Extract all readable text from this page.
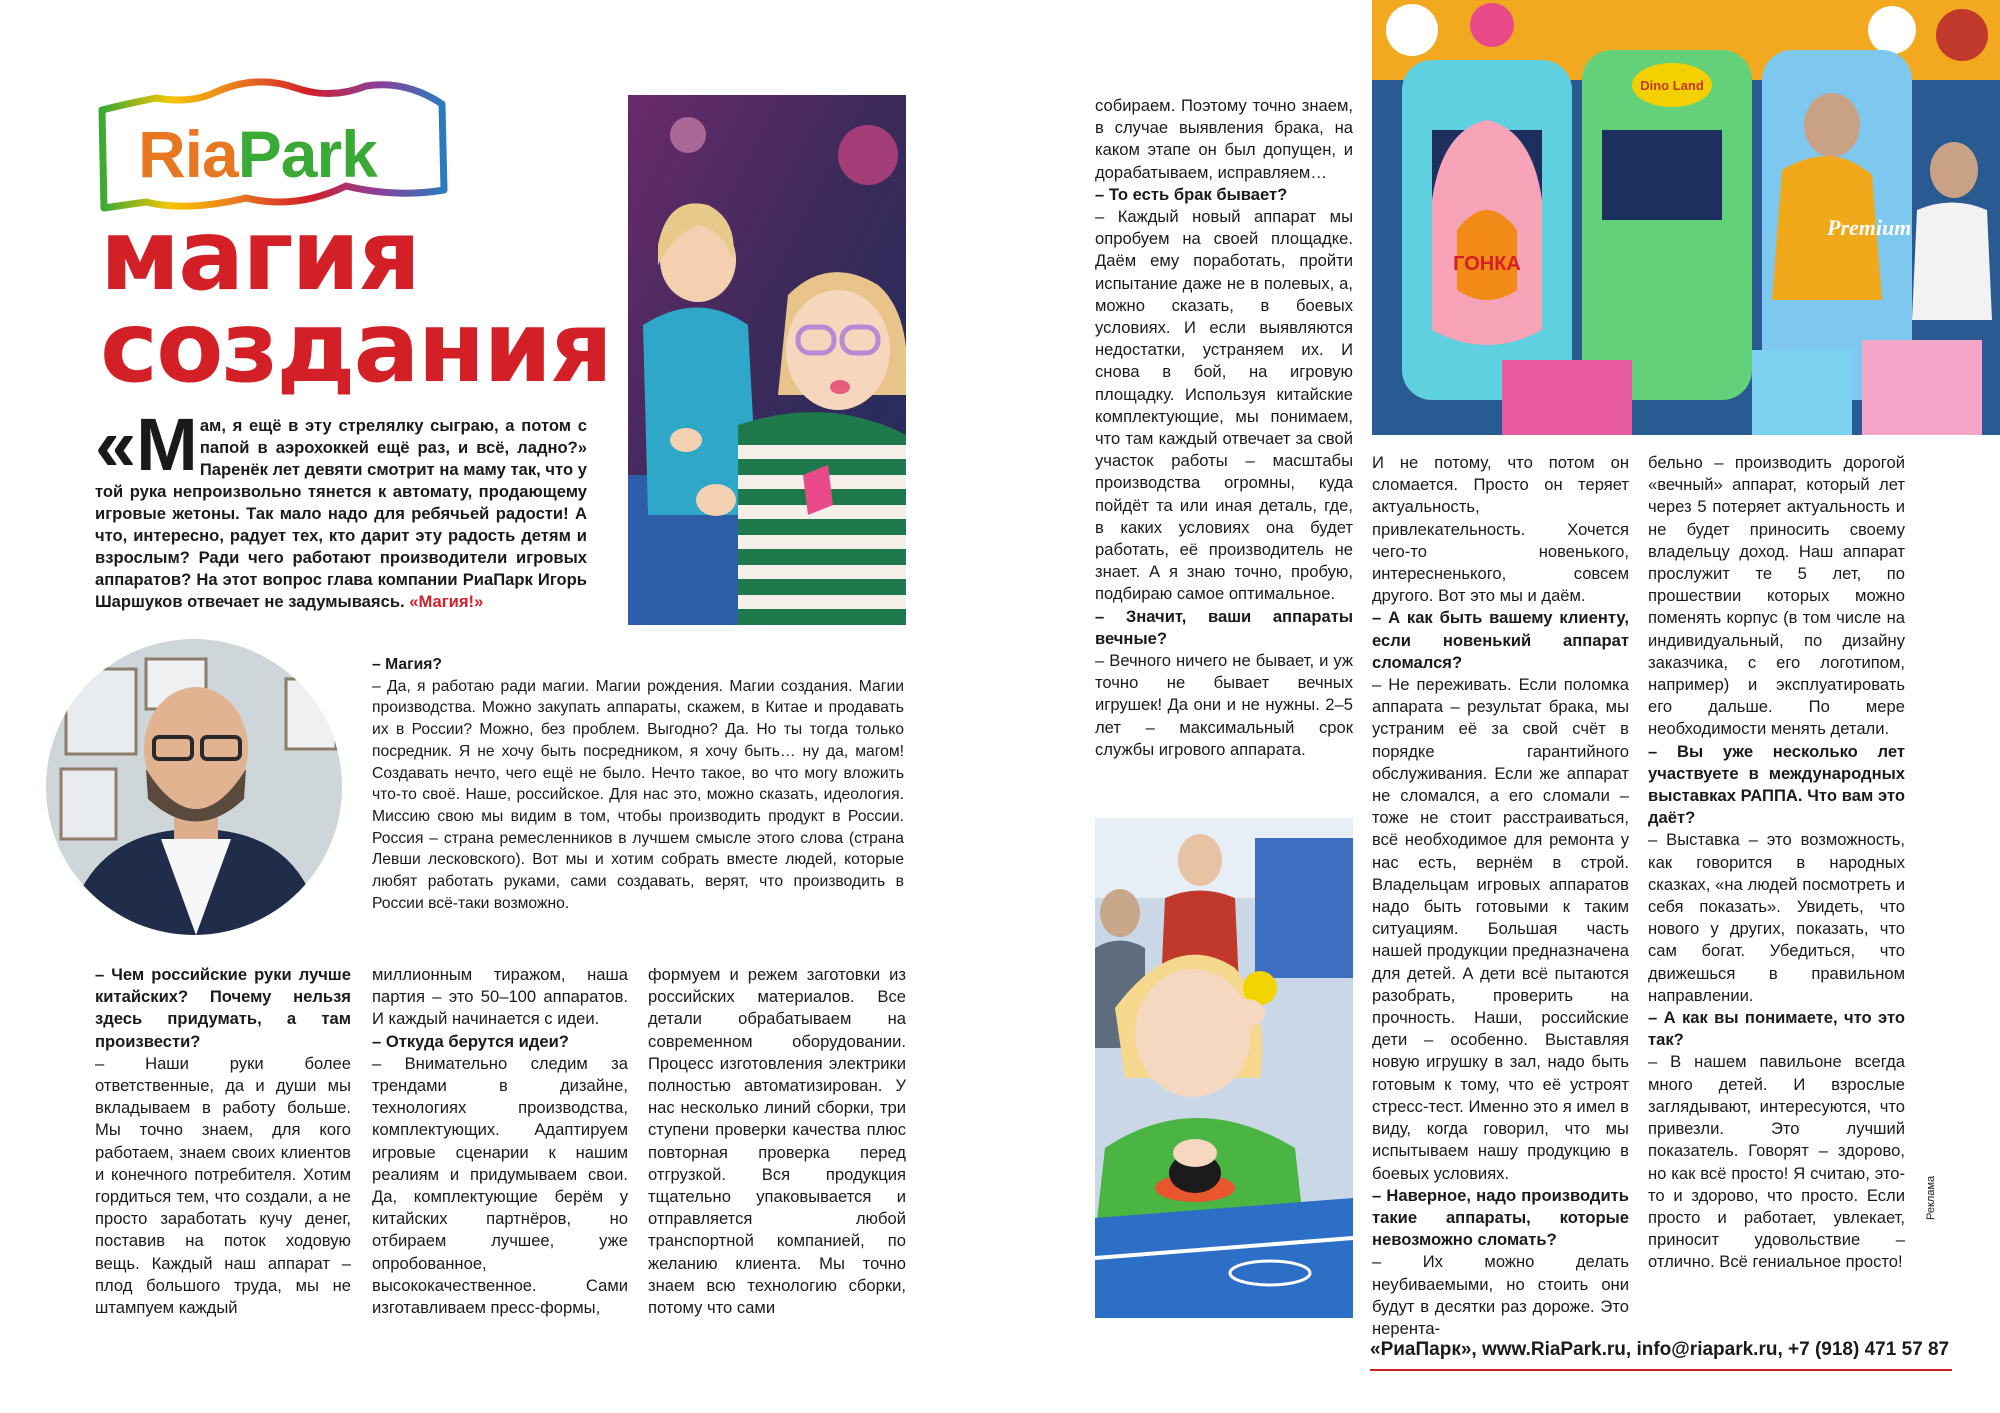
RiaPark
магия
создания
«М ам, я ещё в эту стрелялку сыграю, а потом с папой в аэрохоккей ещё раз, и всё, ладно?» Паренёк лет девяти смотрит на маму так, что у той рука непроизвольно тянется к автомату, продающему игровые жетоны. Так мало надо для ребячьей радости! А что, интересно, радует тех, кто дарит эту радость детям и взрослым? Ради чего работают производители игровых аппаратов? На этот вопрос глава компании РиаПарк Игорь Шаршуков отвечает не задумываясь. «Магия!»

– Магия?

– Да, я работаю ради магии. Магии рождения. Магии создания. Магии производства. Можно закупать аппараты, скажем, в Китае и продавать их в России? Можно, без проблем. Выгодно? Да. Но ты тогда только посредник. Я не хочу быть посредником, я хочу быть… ну да, магом! Создавать нечто, чего ещё не было. Нечто такое, во что могу вложить что-то своё. Наше, российское. Для нас это, можно сказать, идеология. Миссию свою мы видим в том, чтобы производить продукт в России. Россия – страна ремесленников в лучшем смысле этого слова (страна Левши лесковского). Вот мы и хотим собрать вместе людей, которые любят работать руками, сами создавать, верят, что производить в России всё-таки возможно.

– Чем российские руки лучше китайских? Почему нельзя здесь придумать, а там произвести?

– Наши руки более ответственные, да и души мы вкладываем в работу больше. Мы точно знаем, для кого работаем, знаем своих клиентов и конечного потребителя. Хотим гордиться тем, что создали, а не просто заработать кучу денег, поставив на поток ходовую вещь. Каждый наш аппарат – плод большого труда, мы не штампуем каждый

миллионным тиражом, наша партия – это 50–100 аппаратов. И каждый начинается с идеи.

– Откуда берутся идеи?

– Внимательно следим за трендами в дизайне, технологиях производства, комплектующих. Адаптируем игровые сценарии к нашим реалиям и придумываем свои. Да, комплектующие берём у китайских партнёров, но отбираем лучшее, уже опробованное, высококачественное. Сами изготавливаем пресс-формы,

формуем и режем заготовки из российских материалов. Все детали обрабатываем на современном оборудовании. Процесс изготовления электрики полностью автоматизирован. У нас несколько линий сборки, три ступени проверки качества плюс повторная проверка перед отгрузкой. Вся продукция тщательно упаковывается и отправляется любой транспортной компанией, по желанию клиента. Мы точно знаем всю технологию сборки, потому что сами

собираем. Поэтому точно знаем, в случае выявления брака, на каком этапе он был допущен, и дорабатываем, исправляем…

– То есть брак бывает?

– Каждый новый аппарат мы опробуем на своей площадке. Даём ему поработать, пройти испытание даже не в полевых, а, можно сказать, в боевых условиях. И если выявляются недостатки, устраняем их. И снова в бой, на игровую площадку. Используя китайские комплектующие, мы понимаем, что там каждый отвечает за свой участок работы – масштабы производства огромны, куда пойдёт та или иная деталь, где, в каких условиях она будет работать, её производитель не знает. А я знаю точно, пробую, подбираю самое оптимальное.

– Значит, ваши аппараты вечные?

– Вечного ничего не бывает, и уж точно не бывает вечных игрушек! Да они и не нужны. 2–5 лет – максимальный срок службы игрового аппарата.

Dino Land
ГОНКА
Premium

И не потому, что потом он сломается. Просто он теряет актуальность, привлекательность. Хочется чего-то новенького, интересненького, совсем другого. Вот это мы и даём.

– А как быть вашему клиенту, если новенький аппарат сломался?

– Не переживать. Если поломка аппарата – результат брака, мы устраним её за свой счёт в порядке гарантийного обслуживания. Если же аппарат не сломался, а его сломали – тоже не стоит расстраиваться, всё необходимое для ремонта у нас есть, вернём в строй. Владельцам игровых аппаратов надо быть готовыми к таким ситуациям. Большая часть нашей продукции предназначена для детей. А дети всё пытаются разобрать, проверить на прочность. Наши, российские дети – особенно. Выставляя новую игрушку в зал, надо быть готовым к тому, что её устроят стресс-тест. Именно это я имел в виду, когда говорил, что мы испытываем нашу продукцию в боевых условиях.

– Наверное, надо производить такие аппараты, которые невозможно сломать?

– Их можно делать неубиваемыми, но стоить они будут в десятки раз дороже. Это нерента-

бельно – производить дорогой «вечный» аппарат, который лет через 5 потеряет актуальность и не будет приносить своему владельцу доход. Наш аппарат прослужит те 5 лет, по прошествии которых можно поменять корпус (в том числе на индивидуальный, по дизайну заказчика, с его логотипом, например) и эксплуатировать его дальше. По мере необходимости менять детали.

– Вы уже несколько лет участвуете в международных выставках РАППА. Что вам это даёт?

– Выставка – это возможность, как говорится в народных сказках, «на людей посмотреть и себя показать». Увидеть, что нового у других, показать, что сам богат. Убедиться, что движешься в правильном направлении.

– А как вы понимаете, что это так?

– В нашем павильоне всегда много детей. И взрослые заглядывают, интересуются, что привезли. Это лучший показатель. Говорят – здорово, но как всё просто! Я считаю, это-то и здорово, что просто. Если просто и работает, увлекает, приносит удовольствие – отлично. Всё гениальное просто!

Реклама
«РиаПарк», www.RiaPark.ru, info@riapark.ru, +7 (918) 471 57 87
